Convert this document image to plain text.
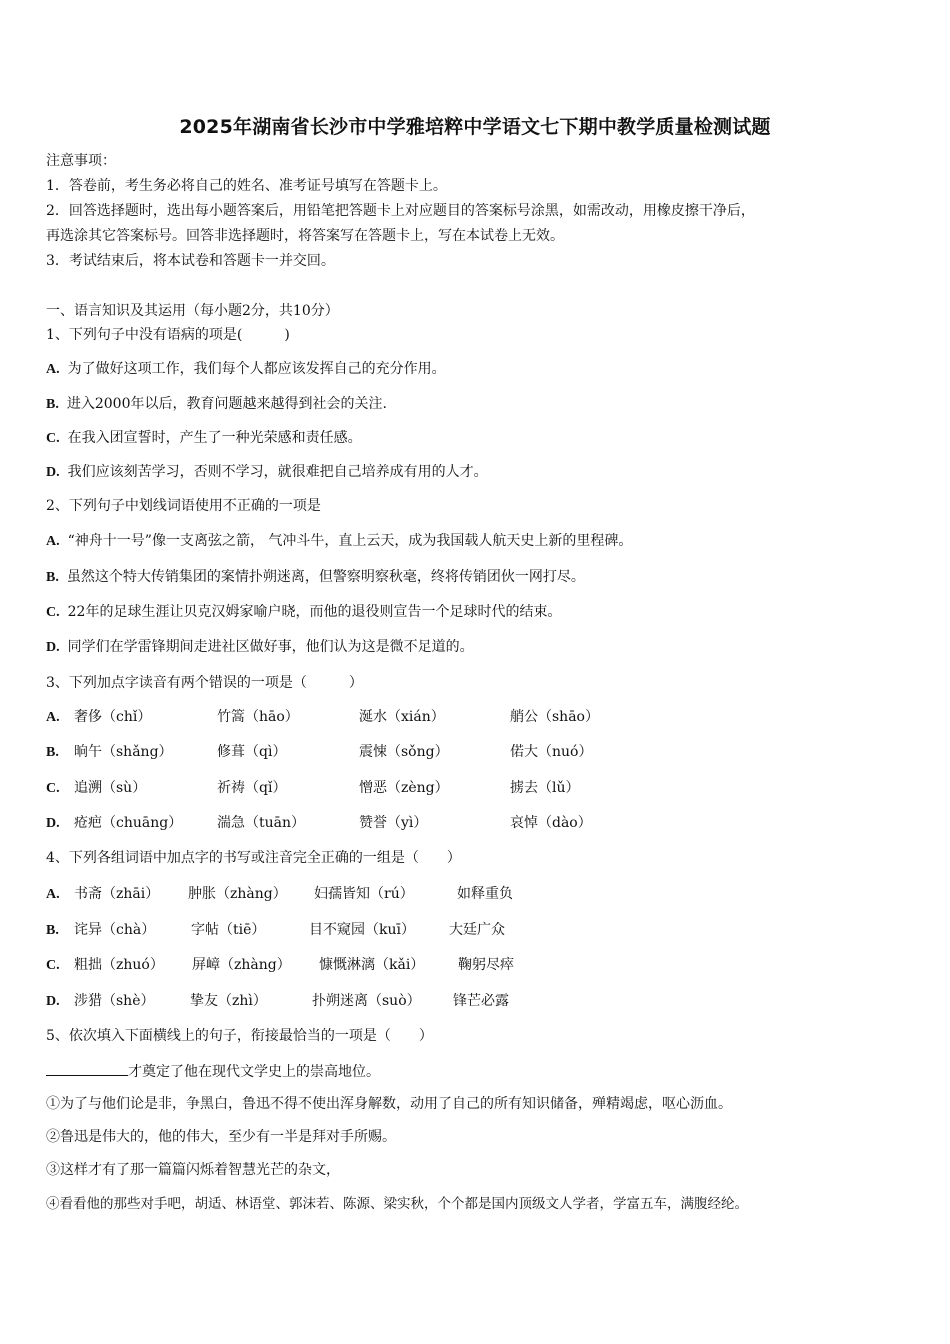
2025年湖南省长沙市中学雅培粹中学语文七下期中教学质量检测试题
注意事项：
1．答卷前，考生务必将自己的姓名、准考证号填写在答题卡上。
2．回答选择题时，选出每小题答案后，用铅笔把答题卡上对应题目的答案标号涂黑，如需改动，用橡皮擦干净后，
再选涂其它答案标号。回答非选择题时，将答案写在答题卡上，写在本试卷上无效。
3．考试结束后，将本试卷和答题卡一并交回。
一、语言知识及其运用（每小题2分，共10分）
1、下列句子中没有语病的项是(　　　)
A. 为了做好这项工作，我们每个人都应该发挥自己的充分作用。
B. 进入2000年以后，教育问题越来越得到社会的关注.
C. 在我入团宣誓时，产生了一种光荣感和责任感。
D. 我们应该刻苦学习，否则不学习，就很难把自己培养成有用的人才。
2、下列句子中划线词语使用不正确的一项是
A. “神舟十一号”像一支离弦之箭， 气冲斗牛，直上云天，成为我国载人航天史上新的里程碑。
B. 虽然这个特大传销集团的案情扑朔迷离，但警察明察秋毫，终将传销团伙一网打尽。
C. 22年的足球生涯让贝克汉姆家喻户晓，而他的退役则宣告一个足球时代的结束。
D. 同学们在学雷锋期间走进社区做好事，他们认为这是微不足道的。
3、下列加点字读音有两个错误的一项是（　　　）
A. 奢侈（chǐ）	竹篙（hāo）	涎水（xián）	艄公（shāo）
B. 晌午（shǎng）	修葺（qì）	震悚（sǒng）	偌大（nuó）
C. 追溯（sù）	祈祷（qǐ）	憎恶（zèng）	掳去（lǔ）
D. 疮疤（chuāng） 湍急（tuān）	赞誉（yì）	哀悼（dào）
4、下列各组词语中加点字的书写或注音完全正确的一组是（　　）
A. 书斋（zhāi） 肿胀（zhàng） 妇孺皆知（rú）	如释重负
B. 诧异（chà）	字帖（tiē）	目不窥园（kuī） 大廷广众
C. 粗拙（zhuó） 屏嶂（zhàng） 慷慨淋漓（kǎi） 鞠躬尽瘁
D. 涉猎（shè）	挚友（zhì）	扑朔迷离（suò） 锋芒必露
5、依次填入下面横线上的句子，衔接最恰当的一项是（　　）
才奠定了他在现代文学史上的崇高地位。
①为了与他们论是非，争黑白，鲁迅不得不使出浑身解数，动用了自己的所有知识储备，殚精竭虑，呕心沥血。
②鲁迅是伟大的，他的伟大，至少有一半是拜对手所赐。
③这样才有了那一篇篇闪烁着智慧光芒的杂文，
④看看他的那些对手吧，胡适、林语堂、郭沫若、陈源、梁实秋，个个都是国内顶级文人学者，学富五车，满腹经纶。
